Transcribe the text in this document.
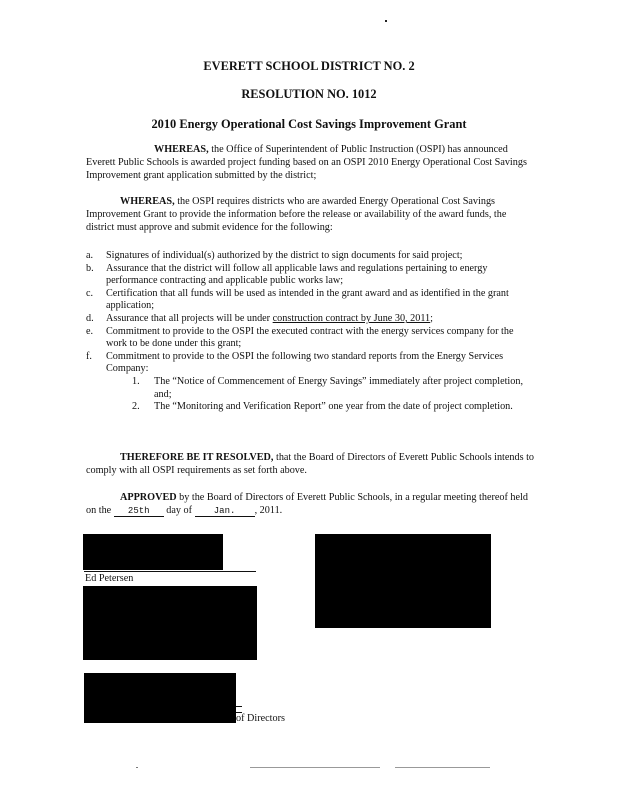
EVERETT SCHOOL DISTRICT NO. 2
RESOLUTION NO. 1012
2010 Energy Operational Cost Savings Improvement Grant
WHEREAS, the Office of Superintendent of Public Instruction (OSPI) has announced Everett Public Schools is awarded project funding based on an OSPI 2010 Energy Operational Cost Savings Improvement grant application submitted by the district;
WHEREAS, the OSPI requires districts who are awarded Energy Operational Cost Savings Improvement Grant to provide the information before the release or availability of the award funds, the district must approve and submit evidence for the following:
a.	Signatures of individual(s) authorized by the district to sign documents for said project;
b.	Assurance that the district will follow all applicable laws and regulations pertaining to energy performance contracting and applicable public works law;
c.	Certification that all funds will be used as intended in the grant award and as identified in the grant application;
d.	Assurance that all projects will be under construction contract by June 30, 2011;
e.	Commitment to provide to the OSPI the executed contract with the energy services company for the work to be done under this grant;
f.	Commitment to provide to the OSPI the following two standard reports from the Energy Services Company:
1.	The “Notice of Commencement of Energy Savings” immediately after project completion, and;
2.	The “Monitoring and Verification Report” one year from the date of project completion.
THEREFORE BE IT RESOLVED, that the Board of Directors of Everett Public Schools intends to comply with all OSPI requirements as set forth above.
APPROVED by the Board of Directors of Everett Public Schools, in a regular meeting thereof held on the 25th day of Jan. , 2011.
Ed Petersen
of Directors
